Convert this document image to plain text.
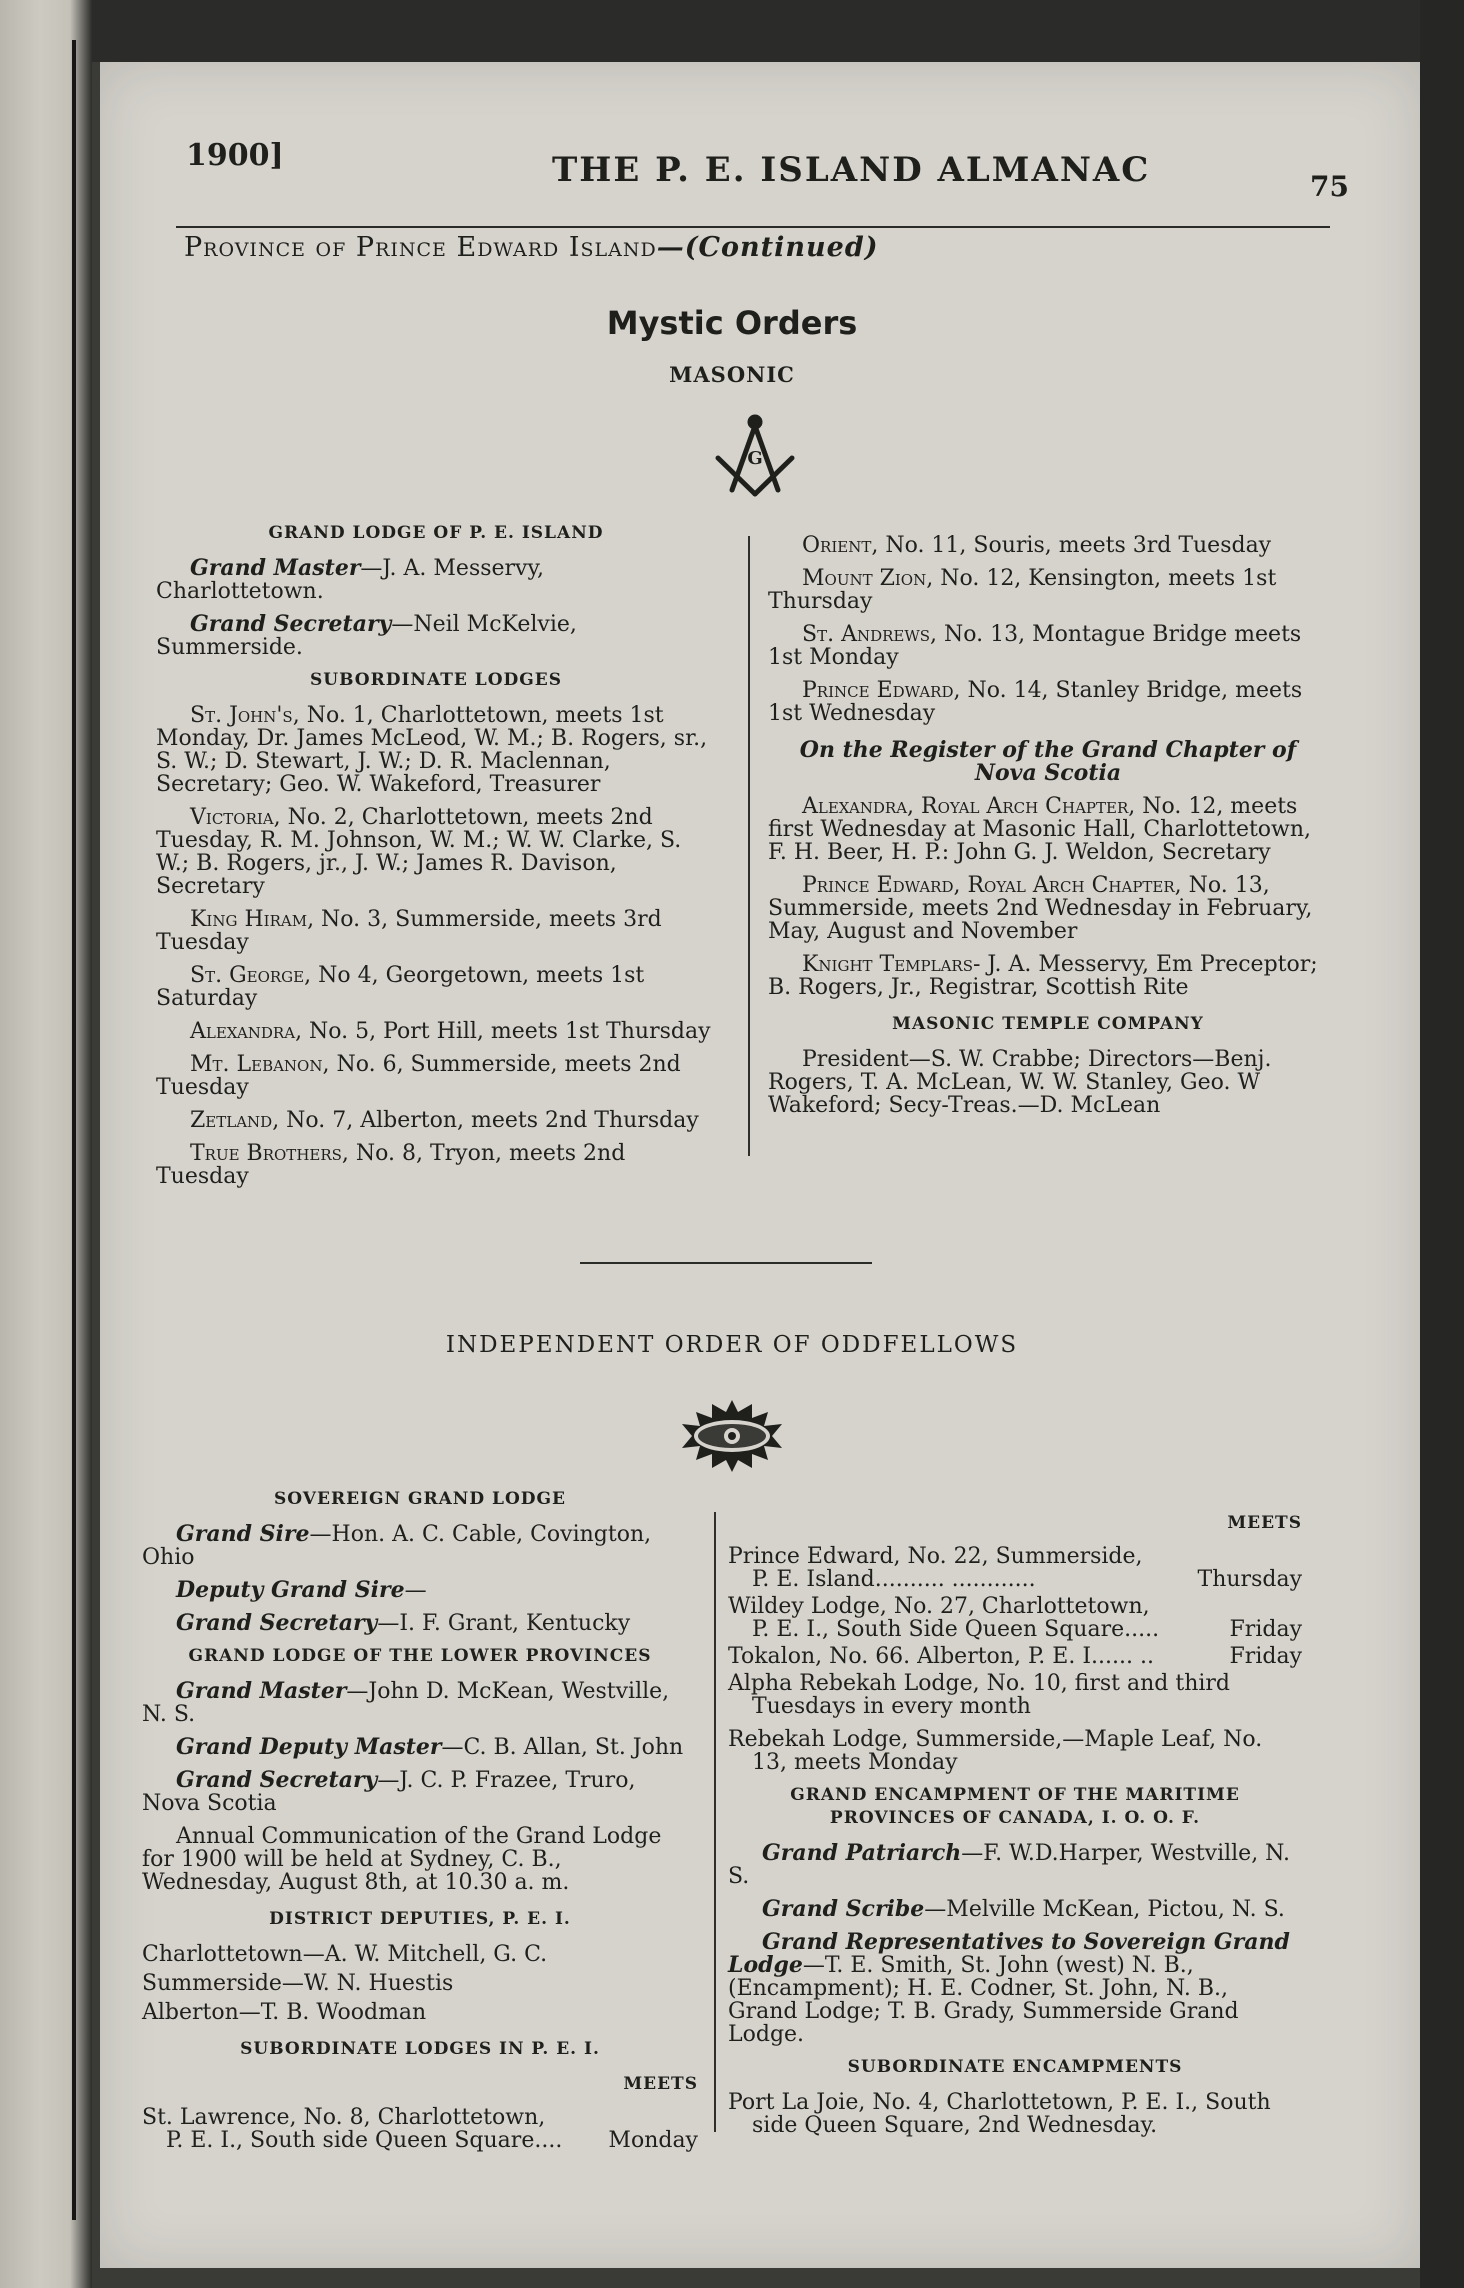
1900]	THE P. E. ISLAND ALMANAC	75
Province of Prince Edward Island—(Continued)
Mystic Orders
MASONIC
G

GRAND LODGE OF P. E. ISLAND

Grand Master—J. A. Messervy, Charlottetown.

Grand Secretary—Neil McKelvie, Summerside.

SUBORDINATE LODGES

St. John's, No. 1, Charlottetown, meets 1st Monday, Dr. James McLeod, W. M.; B. Rogers, sr., S. W.; D. Stewart, J. W.; D. R. Maclennan, Secretary; Geo. W. Wakeford, Treasurer

Victoria, No. 2, Charlottetown, meets 2nd Tuesday, R. M. Johnson, W. M.; W. W. Clarke, S. W.; B. Rogers, jr., J. W.; James R. Davison, Secretary

King Hiram, No. 3, Summerside, meets 3rd Tuesday

St. George, No 4, Georgetown, meets 1st Saturday

Alexandra, No. 5, Port Hill, meets 1st Thursday

Mt. Lebanon, No. 6, Summerside, meets 2nd Tuesday

Zetland, No. 7, Alberton, meets 2nd Thursday

True Brothers, No. 8, Tryon, meets 2nd Tuesday

Orient, No. 11, Souris, meets 3rd Tuesday

Mount Zion, No. 12, Kensington, meets 1st Thursday

St. Andrews, No. 13, Montague Bridge meets 1st Monday

Prince Edward, No. 14, Stanley Bridge, meets 1st Wednesday

On the Register of the Grand Chapter of Nova Scotia

Alexandra, Royal Arch Chapter, No. 12, meets first Wednesday at Masonic Hall, Charlottetown, F. H. Beer, H. P.: John G. J. Weldon, Secretary

Prince Edward, Royal Arch Chapter, No. 13, Summerside, meets 2nd Wednesday in February, May, August and November

Knight Templars- J. A. Messervy, Em Preceptor; B. Rogers, Jr., Registrar, Scottish Rite

MASONIC TEMPLE COMPANY

President—S. W. Crabbe; Directors—Benj. Rogers, T. A. McLean, W. W. Stanley, Geo. W Wakeford; Secy-Treas.—D. McLean

INDEPENDENT ORDER OF ODDFELLOWS

SOVEREIGN GRAND LODGE

Grand Sire—Hon. A. C. Cable, Covington, Ohio

Deputy Grand Sire—

Grand Secretary—I. F. Grant, Kentucky

GRAND LODGE OF THE LOWER PROVINCES

Grand Master—John D. McKean, Westville, N. S.

Grand Deputy Master—C. B. Allan, St. John

Grand Secretary—J. C. P. Frazee, Truro, Nova Scotia

Annual Communication of the Grand Lodge for 1900 will be held at Sydney, C. B., Wednesday, August 8th, at 10.30 a. m.

DISTRICT DEPUTIES, P. E. I.

Charlottetown—A. W. Mitchell, G. C.

Summerside—W. N. Huestis

Alberton—T. B. Woodman

SUBORDINATE LODGES IN P. E. I.

MEETS

St. Lawrence, No. 8, Charlottetown,

P. E. I., South side Queen Square.... Monday

MEETS

Prince Edward, No. 22, Summerside,

P. E. Island.......... ............	Thursday

Wildey Lodge, No. 27, Charlottetown,

P. E. I., South Side Queen Square.....	Friday
Tokalon, No. 66. Alberton, P. E. I...... ..	Friday

Alpha Rebekah Lodge, No. 10, first and third Tuesdays in every month

Rebekah Lodge, Summerside,—Maple Leaf, No. 13, meets Monday

GRAND ENCAMPMENT OF THE MARITIME PROVINCES OF CANADA, I. O. O. F.

Grand Patriarch—F. W.D.Harper, Westville, N. S.

Grand Scribe—Melville McKean, Pictou, N. S.

Grand Representatives to Sovereign Grand Lodge—T. E. Smith, St. John (west) N. B., (Encampment); H. E. Codner, St. John, N. B., Grand Lodge; T. B. Grady, Summerside Grand Lodge.

SUBORDINATE ENCAMPMENTS

Port La Joie, No. 4, Charlottetown, P. E. I., South side Queen Square, 2nd Wednesday.
